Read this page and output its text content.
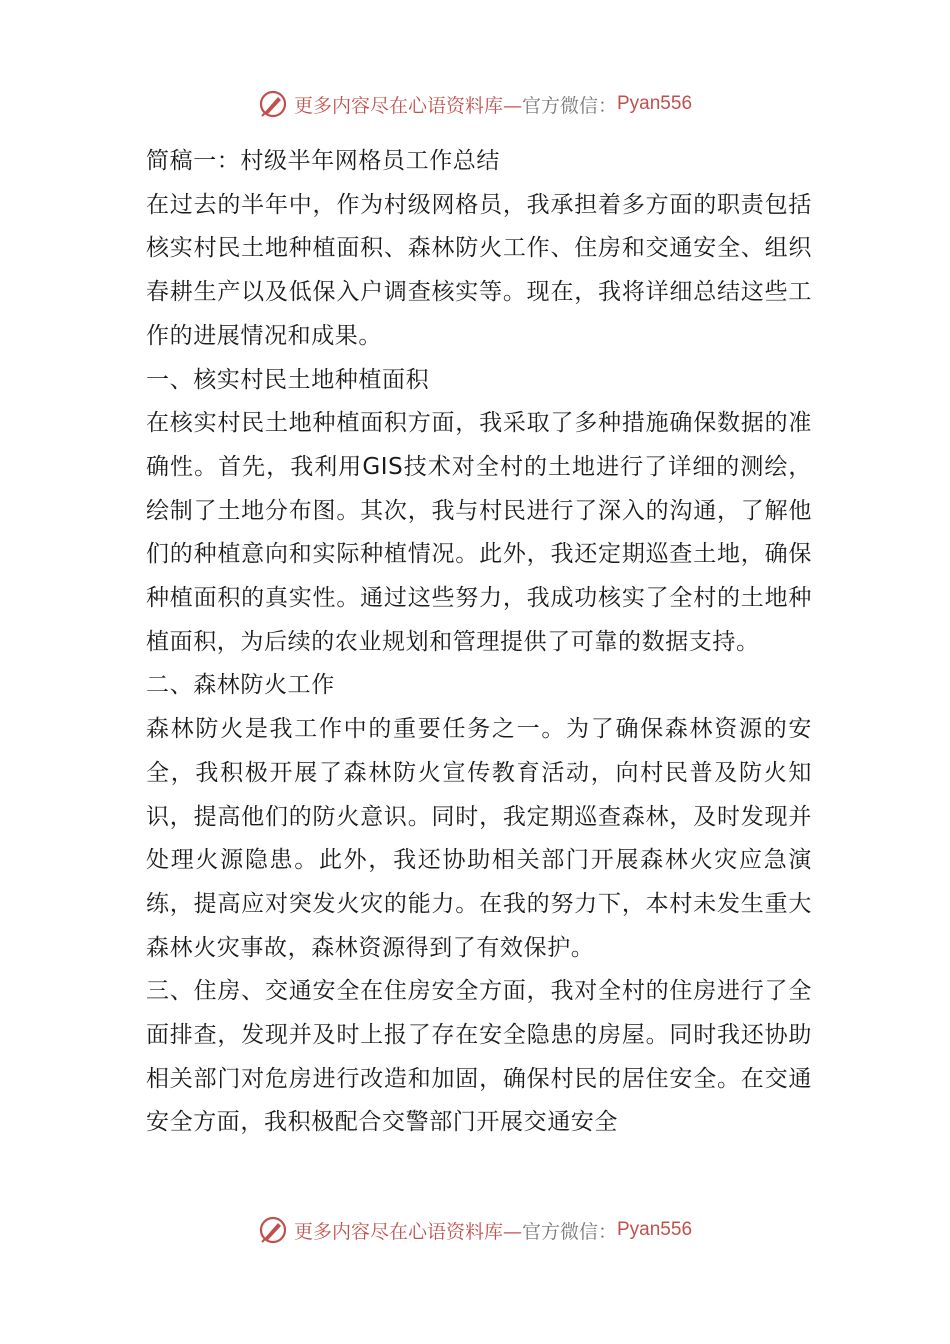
更多内容尽在心语资料库— 官方微信： Pyan556

简稿一：村级半年网格员工作总结

在过去的半年中，作为村级网格员，我承担着多方面的职责包括核实村民土地种植面积、森林防火工作、住房和交通安全、组织春耕生产以及低保入户调查核实等。现在，我将详细总结这些工作的进展情况和成果。

一、核实村民土地种植面积

在核实村民土地种植面积方面，我采取了多种措施确保数据的准确性。首先，我利用GIS技术对全村的土地进行了详细的测绘，绘制了土地分布图。其次，我与村民进行了深入的沟通，了解他们的种植意向和实际种植情况。此外，我还定期巡查土地，确保种植面积的真实性。通过这些努力，我成功核实了全村的土地种植面积，为后续的农业规划和管理提供了可靠的数据支持。

二、森林防火工作

森林防火是我工作中的重要任务之一。为了确保森林资源的安全，我积极开展了森林防火宣传教育活动，向村民普及防火知识，提高他们的防火意识。同时，我定期巡查森林，及时发现并处理火源隐患。此外，我还协助相关部门开展森林火灾应急演练，提高应对突发火灾的能力。在我的努力下，本村未发生重大森林火灾事故，森林资源得到了有效保护。

三、住房、交通安全在住房安全方面，我对全村的住房进行了全面排查，发现并及时上报了存在安全隐患的房屋。同时我还协助相关部门对危房进行改造和加固，确保村民的居住安全。在交通安全方面，我积极配合交警部门开展交通安全

更多内容尽在心语资料库— 官方微信： Pyan556
